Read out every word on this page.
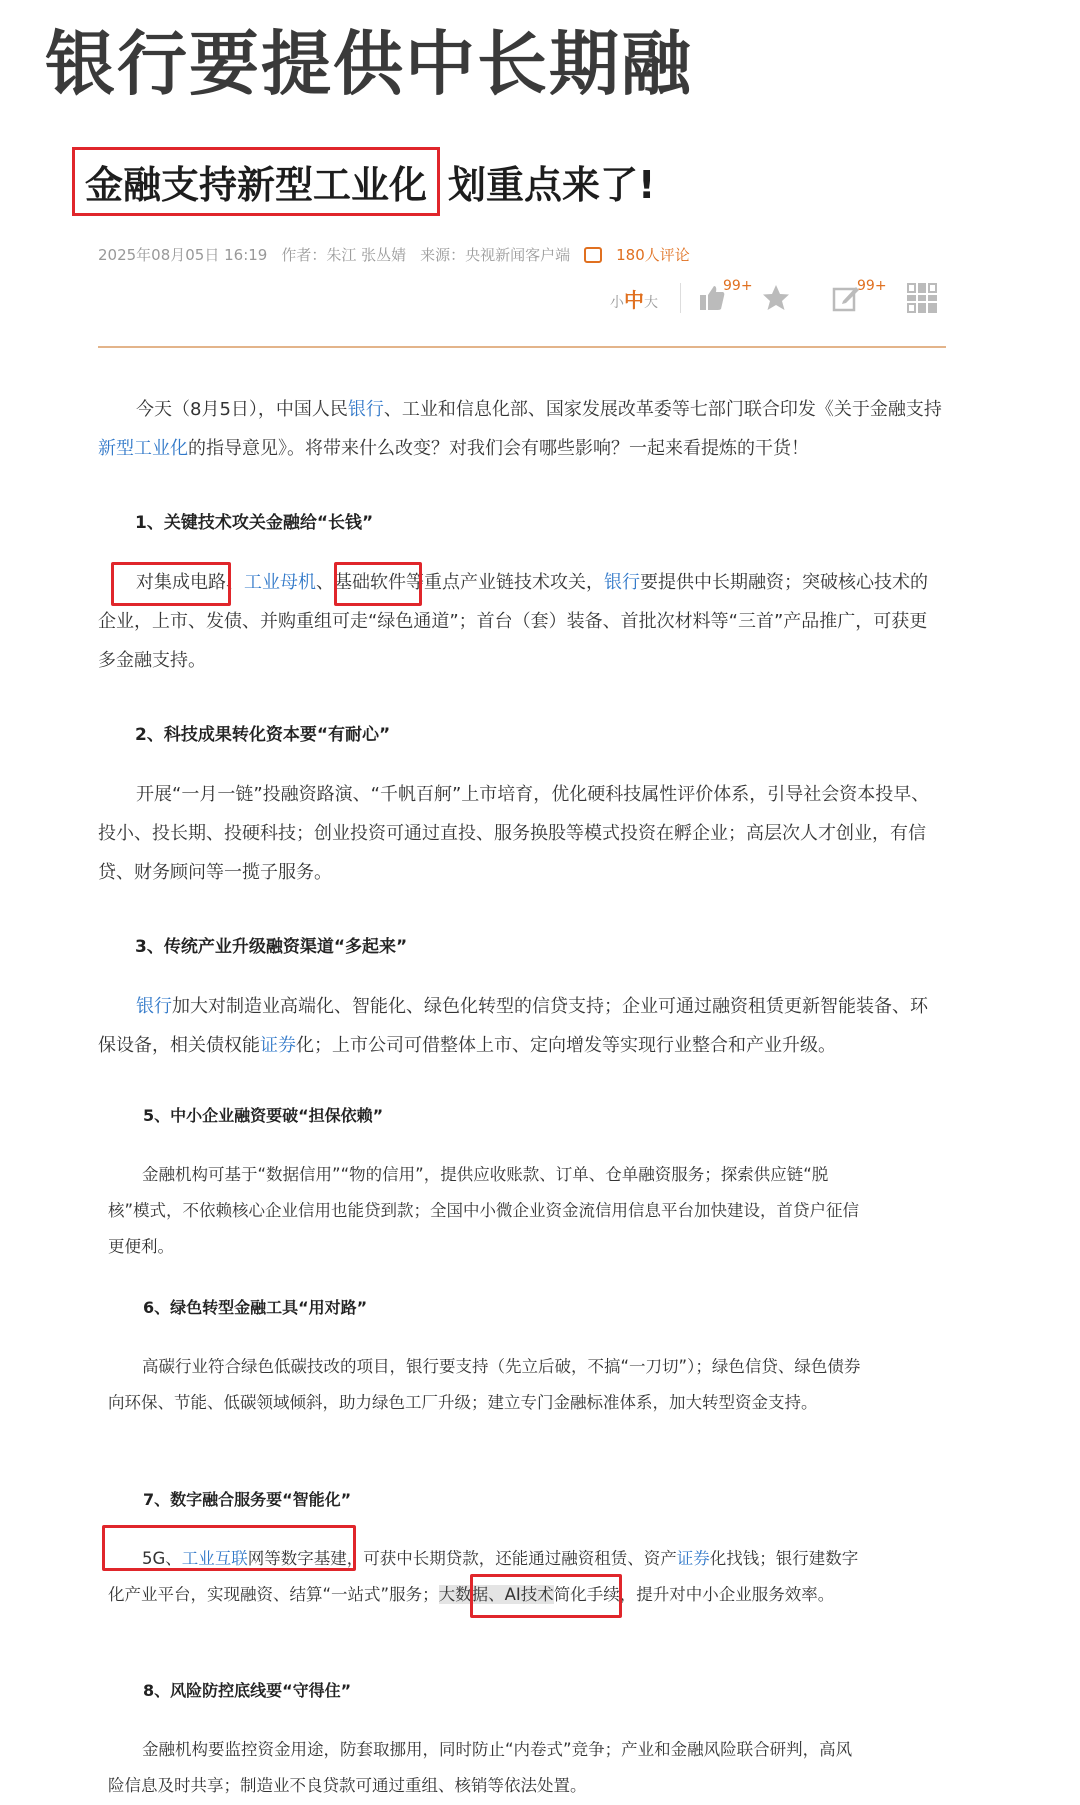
银行要提供中长期融
金融支持新型工业化 划重点来了!
2025年08月05日 16:19 作者：朱江 张丛婧 来源：央视新闻客户端	180人评论
小 中 大
99+	99+

今天（8月5日），中国人民银行、工业和信息化部、国家发展改革委等七部门联合印发《关于金融支持新型工业化的指导意见》。将带来什么改变？对我们会有哪些影响？一起来看提炼的干货！

1、关键技术攻关金融给“长钱”

对集成电路、工业母机、基础软件等重点产业链技术攻关，银行要提供中长期融资；突破核心技术的企业，上市、发债、并购重组可走“绿色通道”；首台（套）装备、首批次材料等“三首”产品推广，可获更多金融支持。

2、科技成果转化资本要“有耐心”

开展“一月一链”投融资路演、“千帆百舸”上市培育，优化硬科技属性评价体系，引导社会资本投早、投小、投长期、投硬科技；创业投资可通过直投、服务换股等模式投资在孵企业；高层次人才创业，有信贷、财务顾问等一揽子服务。

3、传统产业升级融资渠道“多起来”

银行加大对制造业高端化、智能化、绿色化转型的信贷支持；企业可通过融资租赁更新智能装备、环保设备，相关债权能证券化；上市公司可借整体上市、定向增发等实现行业整合和产业升级。

5、中小企业融资要破“担保依赖”

金融机构可基于“数据信用”“物的信用”，提供应收账款、订单、仓单融资服务；探索供应链“脱核”模式，不依赖核心企业信用也能贷到款；全国中小微企业资金流信用信息平台加快建设，首贷户征信更便利。

6、绿色转型金融工具“用对路”

高碳行业符合绿色低碳技改的项目，银行要支持（先立后破，不搞“一刀切”）；绿色信贷、绿色债券向环保、节能、低碳领域倾斜，助力绿色工厂升级；建立专门金融标准体系，加大转型资金支持。

7、数字融合服务要“智能化”

5G、工业互联网等数字基建，可获中长期贷款，还能通过融资租赁、资产证券化找钱；银行建数字化产业平台，实现融资、结算“一站式”服务；大数据、AI技术简化手续，提升对中小企业服务效率。

8、风险防控底线要“守得住”

金融机构要监控资金用途，防套取挪用，同时防止“内卷式”竞争；产业和金融风险联合研判，高风险信息及时共享；制造业不良贷款可通过重组、核销等依法处置。
